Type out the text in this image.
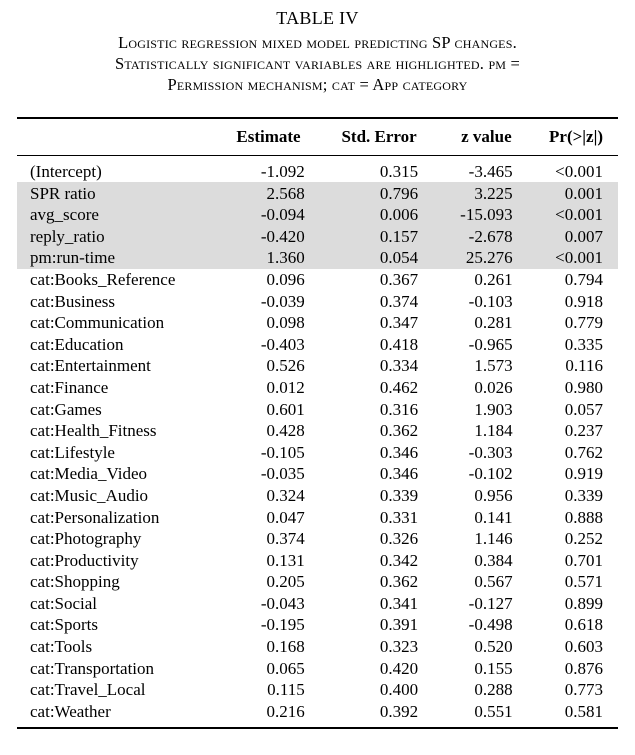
TABLE IV
Logistic regression mixed model predicting SP changes.
Statistically significant variables are highlighted. pm =
Permission mechanism; cat = App category
	Estimate	Std. Error	z value	Pr(>|z|)
(Intercept)	-1.092	0.315	-3.465	<0.001
SPR ratio	2.568	0.796	3.225	0.001
avg_score	-0.094	0.006	-15.093	<0.001
reply_ratio	-0.420	0.157	-2.678	0.007
pm:run-time	1.360	0.054	25.276	<0.001
cat:Books_Reference	0.096	0.367	0.261	0.794
cat:Business	-0.039	0.374	-0.103	0.918
cat:Communication	0.098	0.347	0.281	0.779
cat:Education	-0.403	0.418	-0.965	0.335
cat:Entertainment	0.526	0.334	1.573	0.116
cat:Finance	0.012	0.462	0.026	0.980
cat:Games	0.601	0.316	1.903	0.057
cat:Health_Fitness	0.428	0.362	1.184	0.237
cat:Lifestyle	-0.105	0.346	-0.303	0.762
cat:Media_Video	-0.035	0.346	-0.102	0.919
cat:Music_Audio	0.324	0.339	0.956	0.339
cat:Personalization	0.047	0.331	0.141	0.888
cat:Photography	0.374	0.326	1.146	0.252
cat:Productivity	0.131	0.342	0.384	0.701
cat:Shopping	0.205	0.362	0.567	0.571
cat:Social	-0.043	0.341	-0.127	0.899
cat:Sports	-0.195	0.391	-0.498	0.618
cat:Tools	0.168	0.323	0.520	0.603
cat:Transportation	0.065	0.420	0.155	0.876
cat:Travel_Local	0.115	0.400	0.288	0.773
cat:Weather	0.216	0.392	0.551	0.581
